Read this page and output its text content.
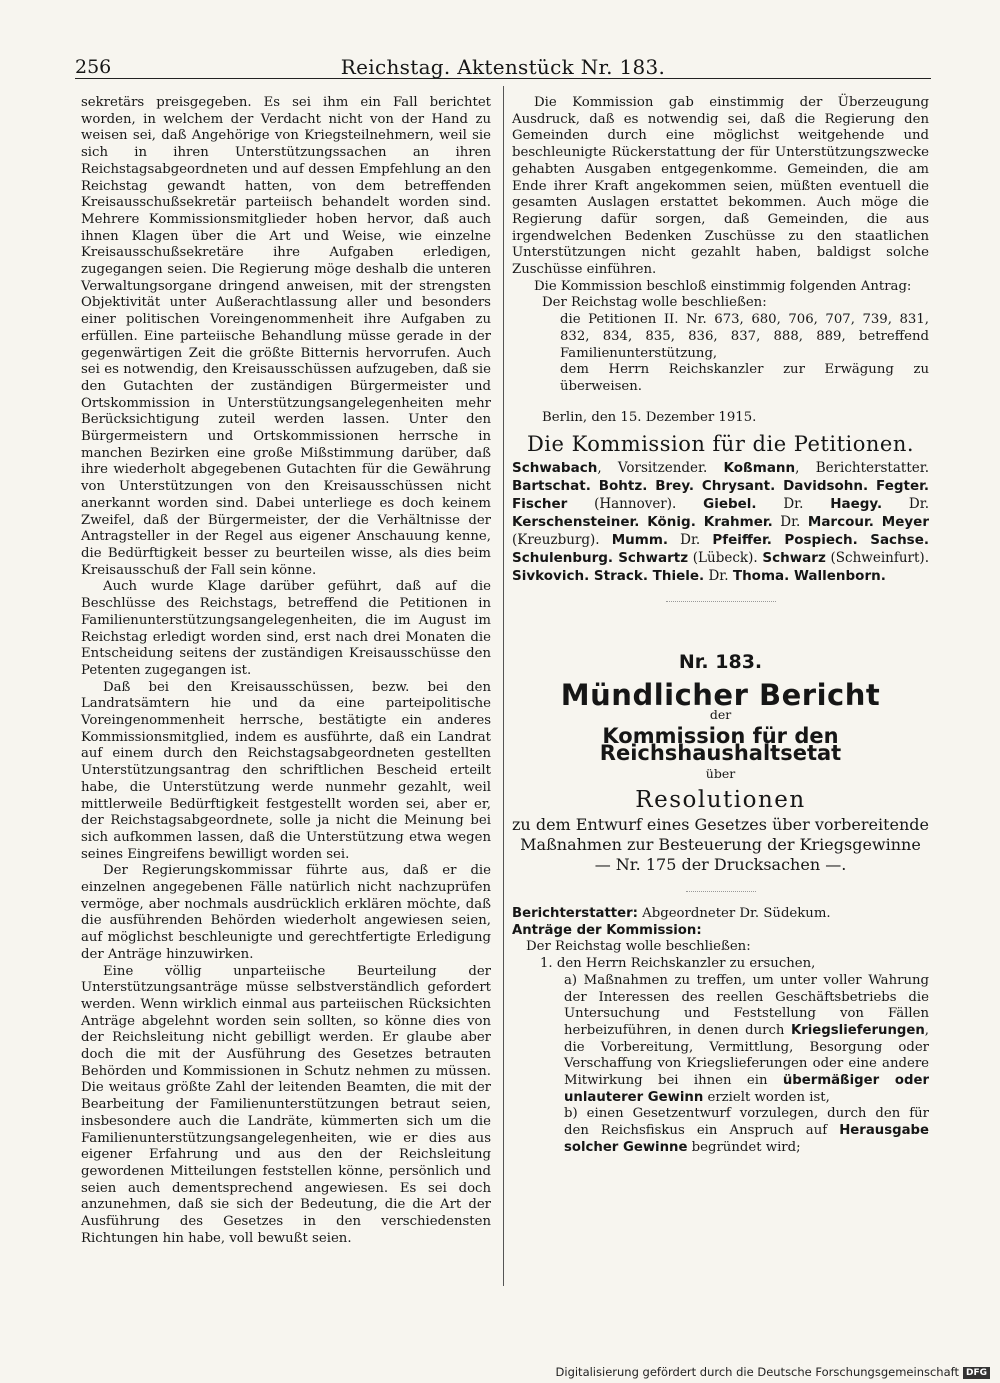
256	Reichstag. Aktenstück Nr. 183.

sekretärs preisgegeben. Es sei ihm ein Fall berichtet worden, in welchem der Verdacht nicht von der Hand zu weisen sei, daß Angehörige von Kriegsteilnehmern, weil sie sich in ihren Unterstützungssachen an ihren Reichstagsabgeordneten und auf dessen Empfehlung an den Reichstag gewandt hatten, von dem betreffenden Kreisausschußsekretär parteiisch behandelt worden sind. Mehrere Kommissionsmitglieder hoben hervor, daß auch ihnen Klagen über die Art und Weise, wie einzelne Kreisausschußsekretäre ihre Aufgaben erledigen, zugegangen seien. Die Regierung möge deshalb die unteren Verwaltungsorgane dringend anweisen, mit der strengsten Objektivität unter Außerachtlassung aller und besonders einer politischen Voreingenommenheit ihre Aufgaben zu erfüllen. Eine parteiische Behandlung müsse gerade in der gegenwärtigen Zeit die größte Bitternis hervorrufen. Auch sei es notwendig, den Kreisausschüssen aufzugeben, daß sie den Gutachten der zuständigen Bürgermeister und Ortskommission in Unterstützungsangelegenheiten mehr Berücksichtigung zuteil werden lassen. Unter den Bürgermeistern und Ortskommissionen herrsche in manchen Bezirken eine große Mißstimmung darüber, daß ihre wiederholt abgegebenen Gutachten für die Gewährung von Unterstützungen von den Kreisausschüssen nicht anerkannt worden sind. Dabei unterliege es doch keinem Zweifel, daß der Bürgermeister, der die Verhältnisse der Antragsteller in der Regel aus eigener Anschauung kenne, die Bedürftigkeit besser zu beurteilen wisse, als dies beim Kreisausschuß der Fall sein könne.

Auch wurde Klage darüber geführt, daß auf die Beschlüsse des Reichstags, betreffend die Petitionen in Familienunterstützungsangelegenheiten, die im August im Reichstag erledigt worden sind, erst nach drei Monaten die Entscheidung seitens der zuständigen Kreisausschüsse den Petenten zugegangen ist.

Daß bei den Kreisausschüssen, bezw. bei den Landratsämtern hie und da eine parteipolitische Voreingenommenheit herrsche, bestätigte ein anderes Kommissionsmitglied, indem es ausführte, daß ein Landrat auf einem durch den Reichstagsabgeordneten gestellten Unterstützungsantrag den schriftlichen Bescheid erteilt habe, die Unterstützung werde nunmehr gezahlt, weil mittlerweile Bedürftigkeit festgestellt worden sei, aber er, der Reichstagsabgeordnete, solle ja nicht die Meinung bei sich aufkommen lassen, daß die Unterstützung etwa wegen seines Eingreifens bewilligt worden sei.

Der Regierungskommissar führte aus, daß er die einzelnen angegebenen Fälle natürlich nicht nachzuprüfen vermöge, aber nochmals ausdrücklich erklären möchte, daß die ausführenden Behörden wiederholt angewiesen seien, auf möglichst beschleunigte und gerechtfertigte Erledigung der Anträge hinzuwirken.

Eine völlig unparteiische Beurteilung der Unterstützungsanträge müsse selbstverständlich gefordert werden. Wenn wirklich einmal aus parteiischen Rücksichten Anträge abgelehnt worden sein sollten, so könne dies von der Reichsleitung nicht gebilligt werden. Er glaube aber doch die mit der Ausführung des Gesetzes betrauten Behörden und Kommissionen in Schutz nehmen zu müssen. Die weitaus größte Zahl der leitenden Beamten, die mit der Bearbeitung der Familienunterstützungen betraut seien, insbesondere auch die Landräte, kümmerten sich um die Familienunterstützungsangelegenheiten, wie er dies aus eigener Erfahrung und aus den der Reichsleitung gewordenen Mitteilungen feststellen könne, persönlich und seien auch dementsprechend angewiesen. Es sei doch anzunehmen, daß sie sich der Bedeutung, die die Art der Ausführung des Gesetzes in den verschiedensten Richtungen hin habe, voll bewußt seien.

Die Kommission gab einstimmig der Überzeugung Ausdruck, daß es notwendig sei, daß die Regierung den Gemeinden durch eine möglichst weitgehende und beschleunigte Rückerstattung der für Unterstützungszwecke gehabten Ausgaben entgegenkomme. Gemeinden, die am Ende ihrer Kraft angekommen seien, müßten eventuell die gesamten Auslagen erstattet bekommen. Auch möge die Regierung dafür sorgen, daß Gemeinden, die aus irgendwelchen Bedenken Zuschüsse zu den staatlichen Unterstützungen nicht gezahlt haben, baldigst solche Zuschüsse einführen.

Die Kommission beschloß einstimmig folgenden Antrag:

Der Reichstag wolle beschließen:

die Petitionen II. Nr. 673, 680, 706, 707, 739, 831, 832, 834, 835, 836, 837, 888, 889, betreffend Familienunterstützung,

dem Herrn Reichskanzler zur Erwägung zu überweisen.

Berlin, den 15. Dezember 1915.

Die Kommission für die Petitionen.

Schwabach, Vorsitzender. Koßmann, Berichterstatter. Bartschat. Bohtz. Brey. Chrysant. Davidsohn. Fegter. Fischer (Hannover). Giebel. Dr. Haegy. Dr. Kerschensteiner. König. Krahmer. Dr. Marcour. Meyer (Kreuzburg). Mumm. Dr. Pfeiffer. Pospiech. Sachse. Schulenburg. Schwartz (Lübeck). Schwarz (Schweinfurt). Sivkovich. Strack. Thiele. Dr. Thoma. Wallenborn.

Nr. 183.
Mündlicher Bericht
der
Kommission für den Reichshaushaltsetat
über
Resolutionen

zu dem Entwurf eines Gesetzes über vorbereitende Maßnahmen zur Besteuerung der Kriegsgewinne — Nr. 175 der Drucksachen —.

Berichterstatter: Abgeordneter Dr. Südekum.

Anträge der Kommission:

Der Reichstag wolle beschließen:

1. den Herrn Reichskanzler zu ersuchen,

a) Maßnahmen zu treffen, um unter voller Wahrung der Interessen des reellen Geschäftsbetriebs die Untersuchung und Feststellung von Fällen herbeizuführen, in denen durch Kriegslieferungen, die Vorbereitung, Vermittlung, Besorgung oder Verschaffung von Kriegslieferungen oder eine andere Mitwirkung bei ihnen ein übermäßiger oder unlauterer Gewinn erzielt worden ist,

b) einen Gesetzentwurf vorzulegen, durch den für den Reichsfiskus ein Anspruch auf Herausgabe solcher Gewinne begründet wird;

Digitalisierung gefördert durch die Deutsche Forschungsgemeinschaft DFG
